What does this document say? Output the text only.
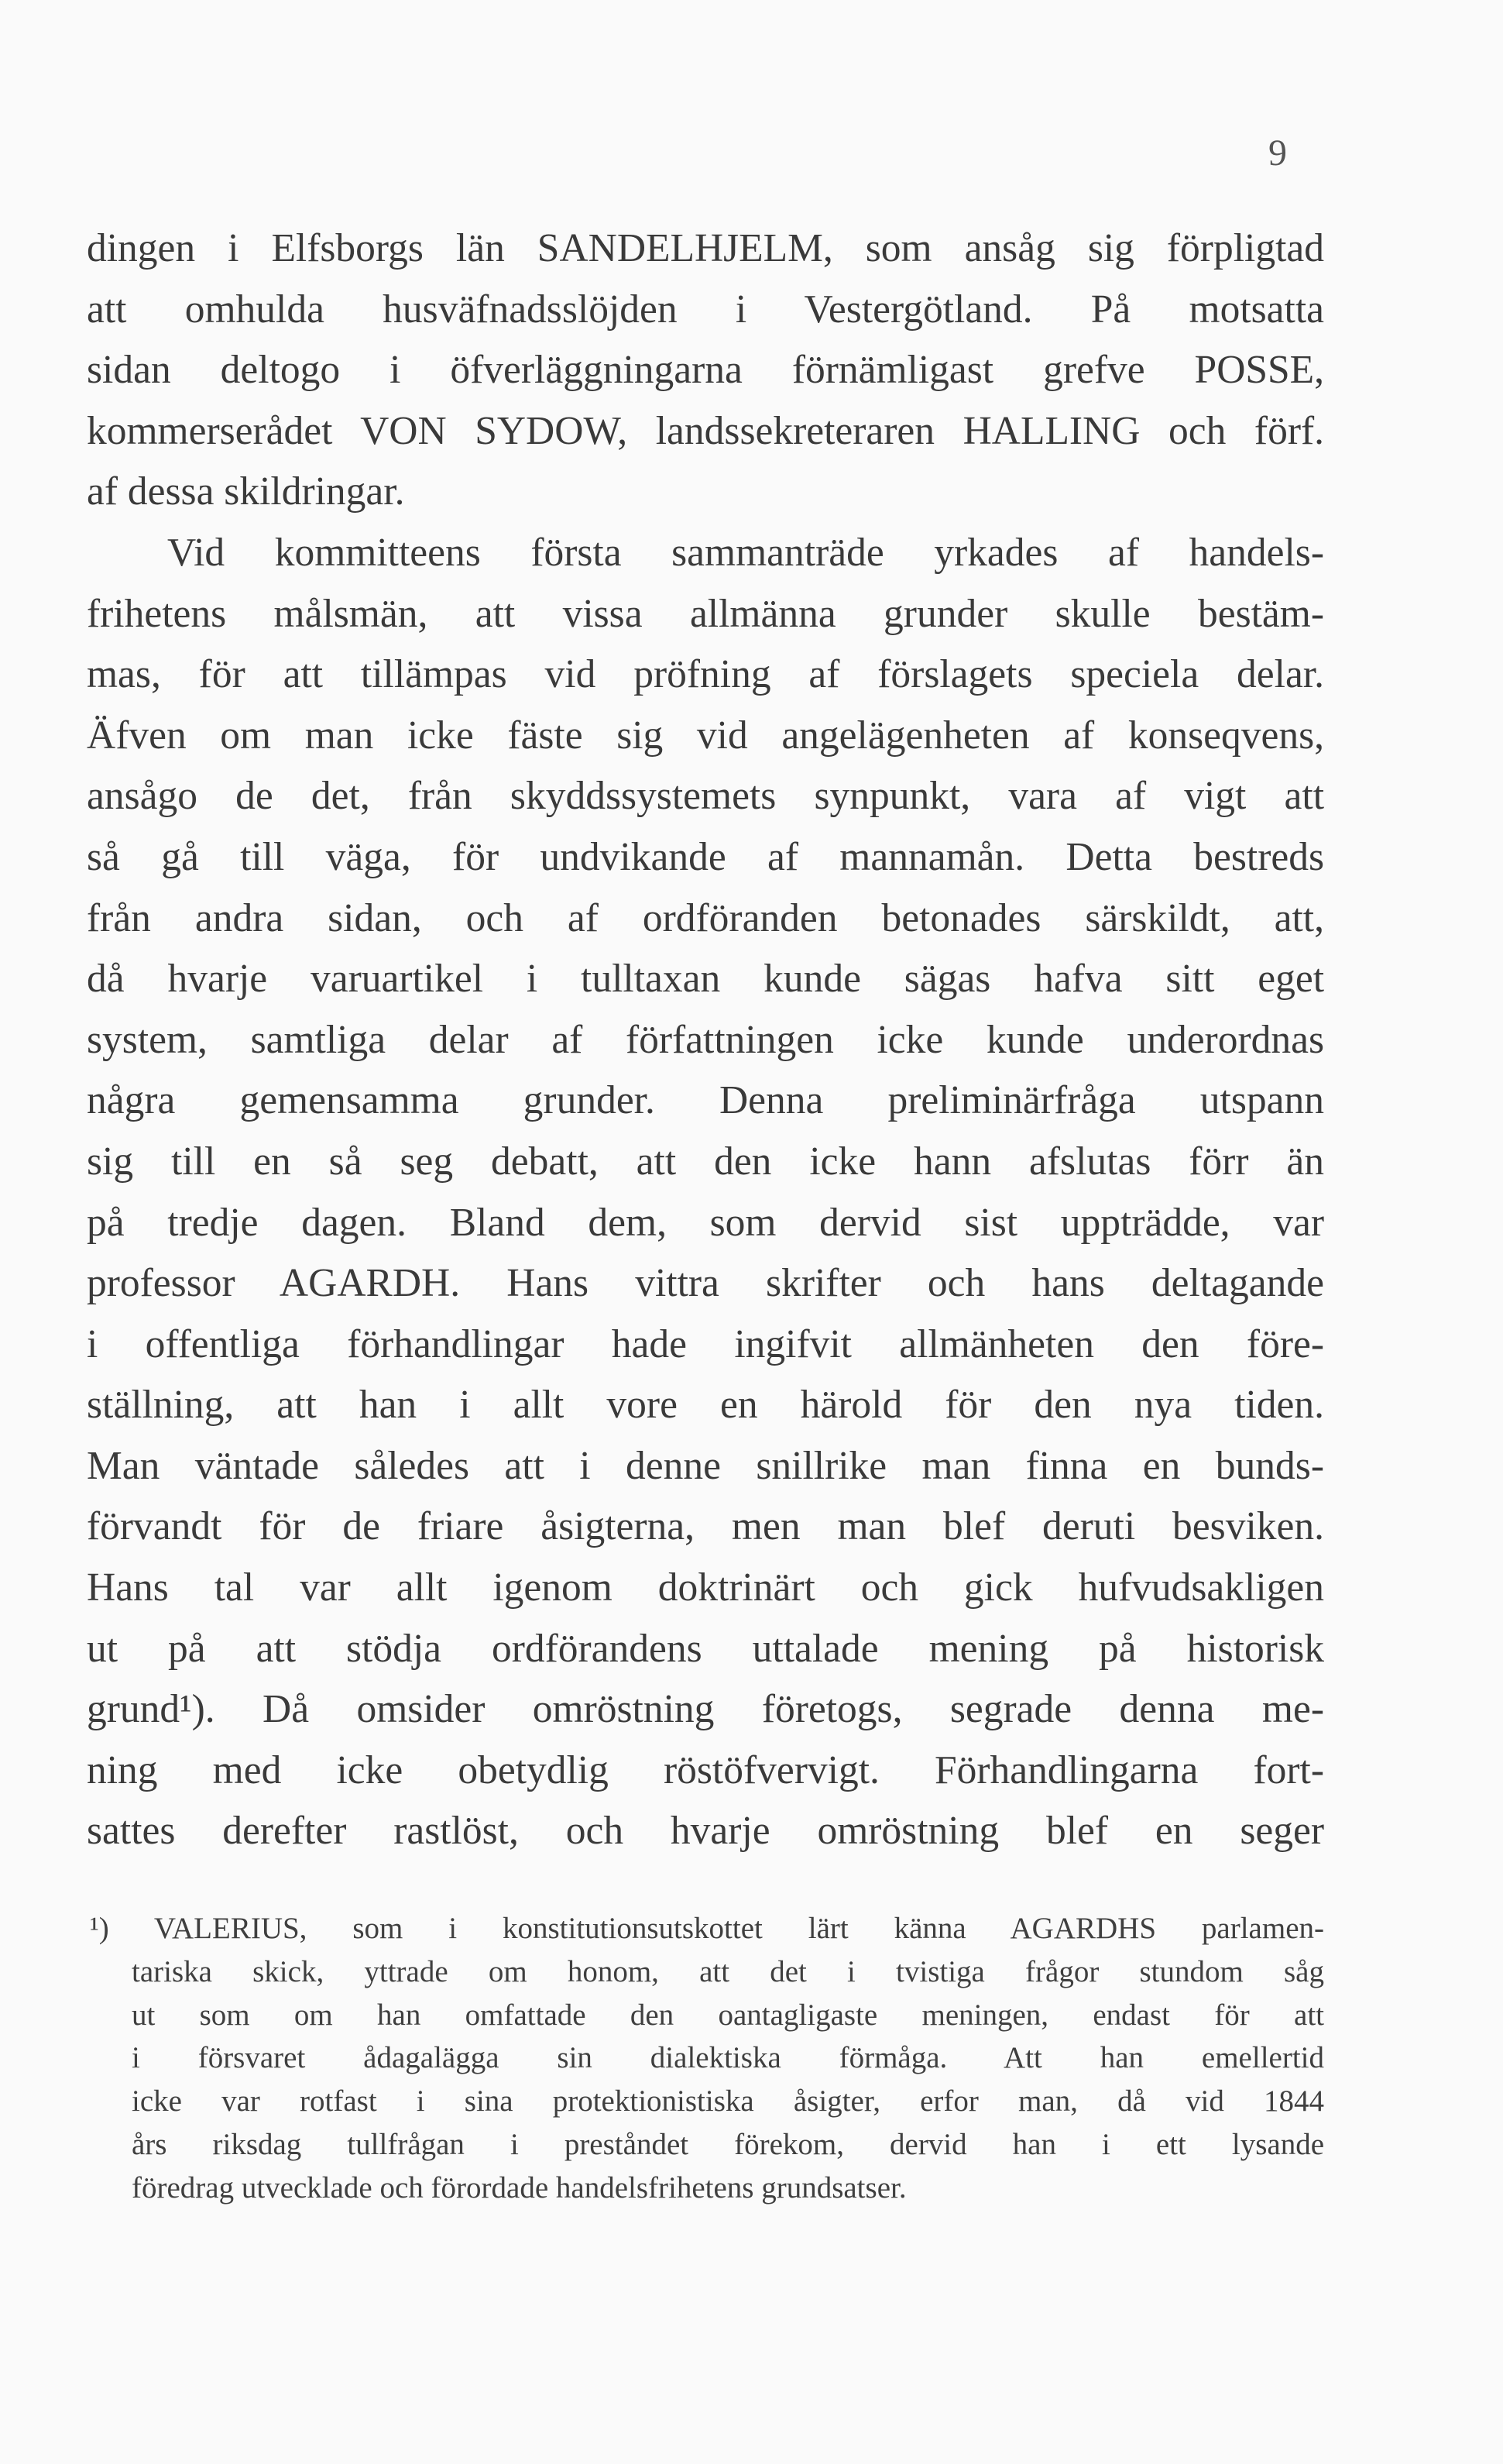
9
dingen i Elfsborgs län SANDELHJELM, som ansåg sig förpligtad
att omhulda husväfnadsslöjden i Vestergötland. På motsatta
sidan deltogo i öfverläggningarna förnämligast grefve POSSE,
kommerserådet VON SYDOW, landssekreteraren HALLING och förf.
af dessa skildringar.
Vid kommitteens första sammanträde yrkades af handels-
frihetens målsmän, att vissa allmänna grunder skulle bestäm-
mas, för att tillämpas vid pröfning af förslagets speciela delar.
Äfven om man icke fäste sig vid angelägenheten af konseqvens,
ansågo de det, från skyddssystemets synpunkt, vara af vigt att
så gå till väga, för undvikande af mannamån. Detta bestreds
från andra sidan, och af ordföranden betonades särskildt, att,
då hvarje varuartikel i tulltaxan kunde sägas hafva sitt eget
system, samtliga delar af författningen icke kunde underordnas
några gemensamma grunder. Denna preliminärfråga utspann
sig till en så seg debatt, att den icke hann afslutas förr än
på tredje dagen. Bland dem, som dervid sist uppträdde, var
professor AGARDH. Hans vittra skrifter och hans deltagande
i offentliga förhandlingar hade ingifvit allmänheten den före-
ställning, att han i allt vore en härold för den nya tiden.
Man väntade således att i denne snillrike man finna en bunds-
förvandt för de friare åsigterna, men man blef deruti besviken.
Hans tal var allt igenom doktrinärt och gick hufvudsakligen
ut på att stödja ordförandens uttalade mening på historisk
grund¹). Då omsider omröstning företogs, segrade denna me-
ning med icke obetydlig röstöfvervigt. Förhandlingarna fort-
sattes derefter rastlöst, och hvarje omröstning blef en seger
¹) VALERIUS, som i konstitutionsutskottet lärt känna AGARDHS parlamen-
tariska skick, yttrade om honom, att det i tvistiga frågor stundom såg
ut som om han omfattade den oantagligaste meningen, endast för att
i försvaret ådagalägga sin dialektiska förmåga. Att han emellertid
icke var rotfast i sina protektionistiska åsigter, erfor man, då vid 1844
års riksdag tullfrågan i preståndet förekom, dervid han i ett lysande
föredrag utvecklade och förordade handelsfrihetens grundsatser.
